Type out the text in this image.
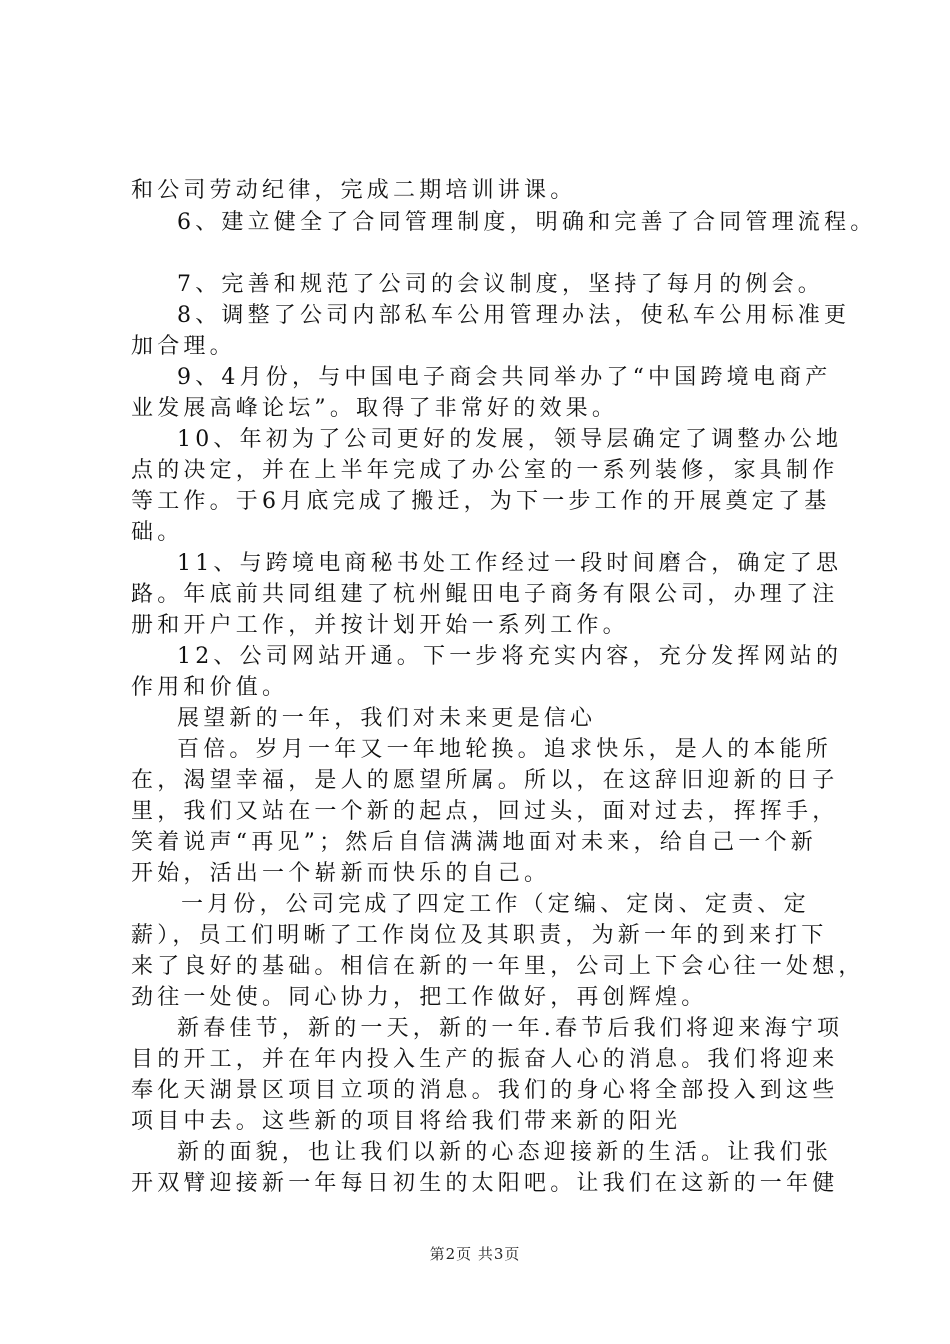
和公司劳动纪律，完成二期培训讲课。
6、建立健全了合同管理制度，明确和完善了合同管理流程。
7、完善和规范了公司的会议制度，坚持了每月的例会。
8、调整了公司内部私车公用管理办法，使私车公用标准更
加合理。
9、4月份，与中国电子商会共同举办了“中国跨境电商产
业发展高峰论坛”。取得了非常好的效果。
10、年初为了公司更好的发展，领导层确定了调整办公地
点的决定，并在上半年完成了办公室的一系列装修，家具制作
等工作。于6月底完成了搬迁，为下一步工作的开展奠定了基
础。
11、与跨境电商秘书处工作经过一段时间磨合，确定了思
路。年底前共同组建了杭州鲲田电子商务有限公司，办理了注
册和开户工作，并按计划开始一系列工作。
12、公司网站开通。下一步将充实内容，充分发挥网站的
作用和价值。
展望新的一年，我们对未来更是信心
百倍。岁月一年又一年地轮换。追求快乐，是人的本能所
在，渴望幸福，是人的愿望所属。所以，在这辞旧迎新的日子
里，我们又站在一个新的起点，回过头，面对过去，挥挥手，
笑着说声“再见”；然后自信满满地面对未来，给自己一个新
开始，活出一个崭新而快乐的自己。
一月份，公司完成了四定工作（定编、定岗、定责、定
薪），员工们明晰了工作岗位及其职责，为新一年的到来打下
来了良好的基础。相信在新的一年里，公司上下会心往一处想，
劲往一处使。同心协力，把工作做好，再创辉煌。
新春佳节，新的一天，新的一年.春节后我们将迎来海宁项
目的开工，并在年内投入生产的振奋人心的消息。我们将迎来
奉化天湖景区项目立项的消息。我们的身心将全部投入到这些
项目中去。这些新的项目将给我们带来新的阳光
新的面貌，也让我们以新的心态迎接新的生活。让我们张
开双臂迎接新一年每日初生的太阳吧。让我们在这新的一年健
第2页 共3页
